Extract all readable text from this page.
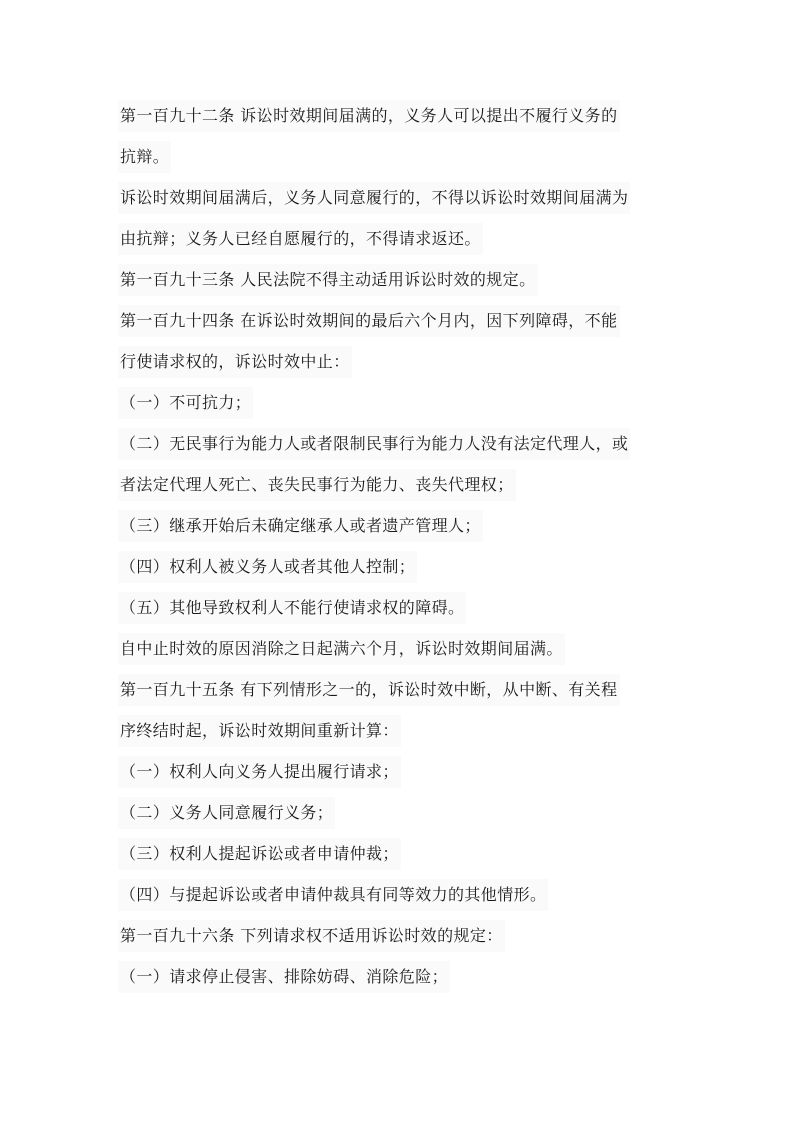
第一百九十二条 诉讼时效期间届满的，义务人可以提出不履行义务的
抗辩。
诉讼时效期间届满后，义务人同意履行的，不得以诉讼时效期间届满为
由抗辩；义务人已经自愿履行的，不得请求返还。
第一百九十三条 人民法院不得主动适用诉讼时效的规定。
第一百九十四条 在诉讼时效期间的最后六个月内，因下列障碍，不能
行使请求权的，诉讼时效中止：
（一）不可抗力；
（二）无民事行为能力人或者限制民事行为能力人没有法定代理人，或
者法定代理人死亡、丧失民事行为能力、丧失代理权；
（三）继承开始后未确定继承人或者遗产管理人；
（四）权利人被义务人或者其他人控制；
（五）其他导致权利人不能行使请求权的障碍。
自中止时效的原因消除之日起满六个月，诉讼时效期间届满。
第一百九十五条 有下列情形之一的，诉讼时效中断，从中断、有关程
序终结时起，诉讼时效期间重新计算：
（一）权利人向义务人提出履行请求；
（二）义务人同意履行义务；
（三）权利人提起诉讼或者申请仲裁；
（四）与提起诉讼或者申请仲裁具有同等效力的其他情形。
第一百九十六条 下列请求权不适用诉讼时效的规定：
（一）请求停止侵害、排除妨碍、消除危险；
